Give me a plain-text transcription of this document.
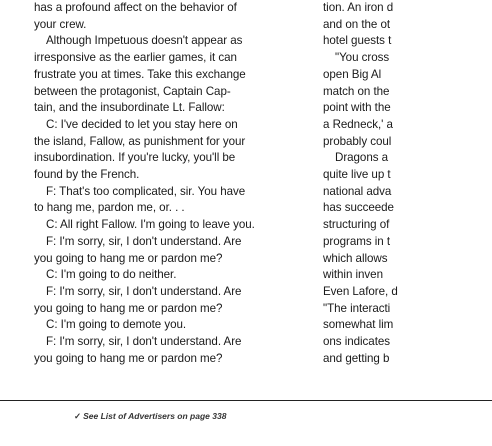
has a profound affect on the behavior of

your crew.

Although Impetuous doesn't appear as

irresponsive as the earlier games, it can

frustrate you at times. Take this exchange

between the protagonist, Captain Cap-

tain, and the insubordinate Lt. Fallow:

C: I've decided to let you stay here on

the island, Fallow, as punishment for your

insubordination. If you're lucky, you'll be

found by the French.

F: That's too complicated, sir. You have

to hang me, pardon me, or. . .

C: All right Fallow. I'm going to leave you.

F: I'm sorry, sir, I don't understand. Are

you going to hang me or pardon me?

C: I'm going to do neither.

F: I'm sorry, sir, I don't understand. Are

you going to hang me or pardon me?

C: I'm going to demote you.

F: I'm sorry, sir, I don't understand. Are

you going to hang me or pardon me?

tion. An iron d

and on the ot

hotel guests t

"You cross

open Big Al

match on the

point with the

a Redneck,' a

probably coul

Dragons a

quite live up t

national adva

has succeede

structuring of

programs in t

which allows

within inven

Even Lafore, d

"The interacti

somewhat lim

ons indicates

and getting b

✓ See List of Advertisers on page 338
